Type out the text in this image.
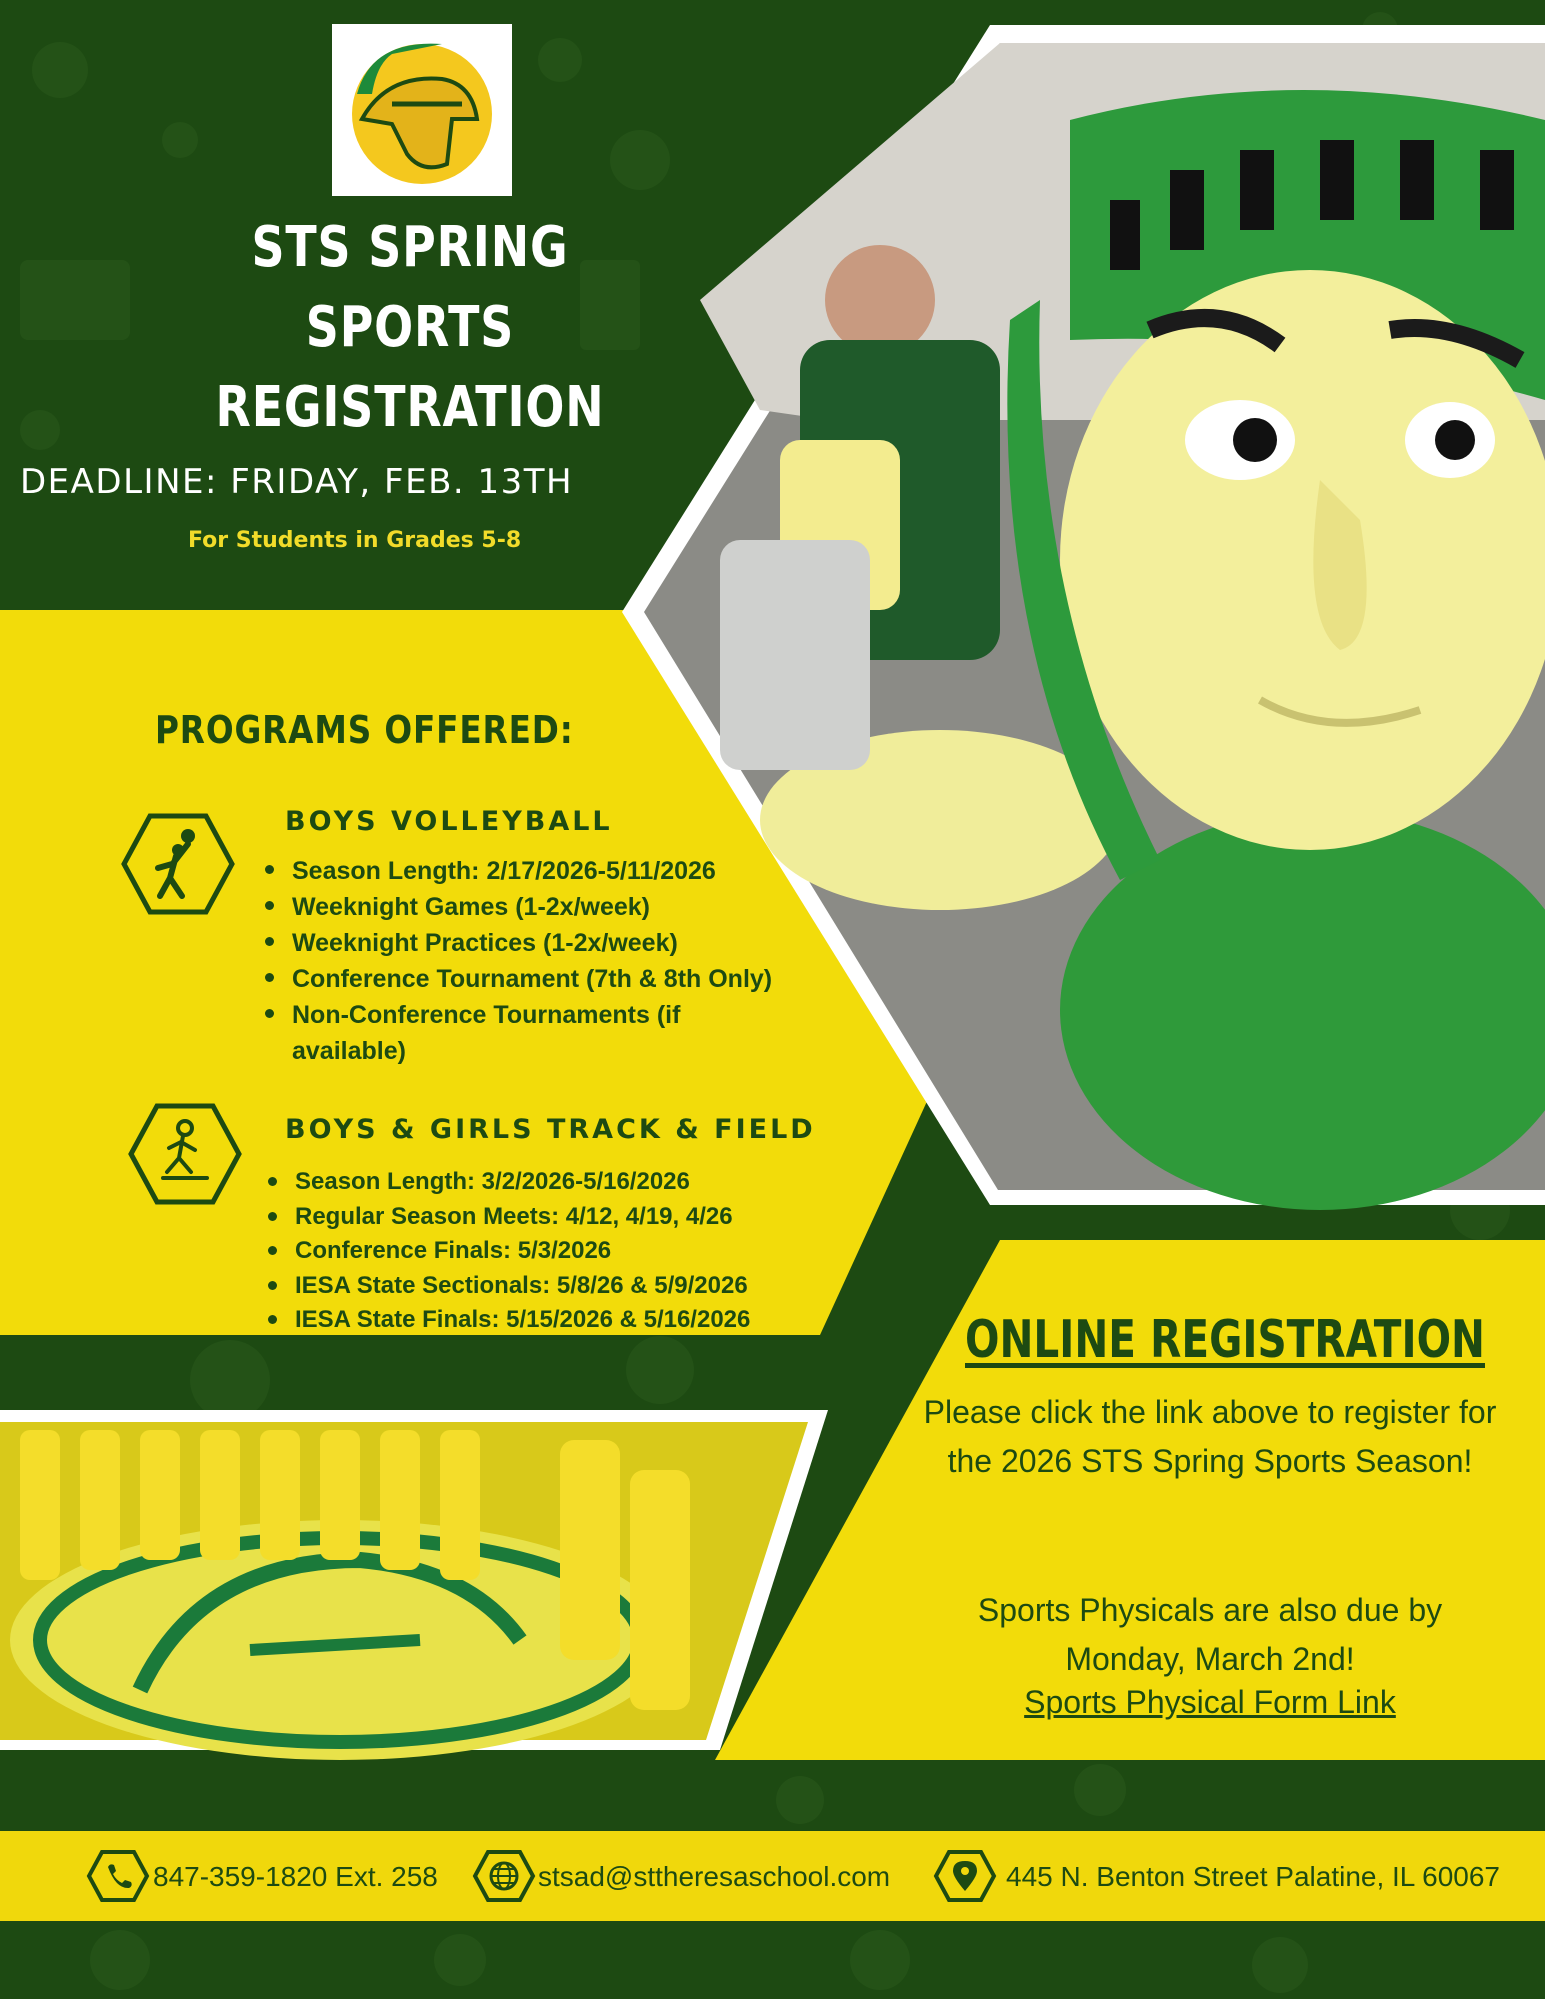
STS SPRING
SPORTS
REGISTRATION
DEADLINE: FRIDAY, FEB. 13TH
For Students in Grades 5-8
PROGRAMS OFFERED:
BOYS VOLLEYBALL
Season Length: 2/17/2026-5/11/2026
Weeknight Games (1-2x/week)
Weeknight Practices (1-2x/week)
Conference Tournament (7th & 8th Only)
Non-Conference Tournaments (if available)
BOYS & GIRLS TRACK & FIELD
Season Length: 3/2/2026-5/16/2026
Regular Season Meets: 4/12, 4/19, 4/26
Conference Finals: 5/3/2026
IESA State Sectionals: 5/8/26 & 5/9/2026
IESA State Finals: 5/15/2026 & 5/16/2026	ONLINE REGISTRATION
Please click the link above to register for the 2026 STS Spring Sports Season!
Sports Physicals are also due by Monday, March 2nd!
Sports Physical Form Link
847-359-1820 Ext. 258	stsad@sttheresaschool.com	445 N. Benton Street Palatine, IL 60067
